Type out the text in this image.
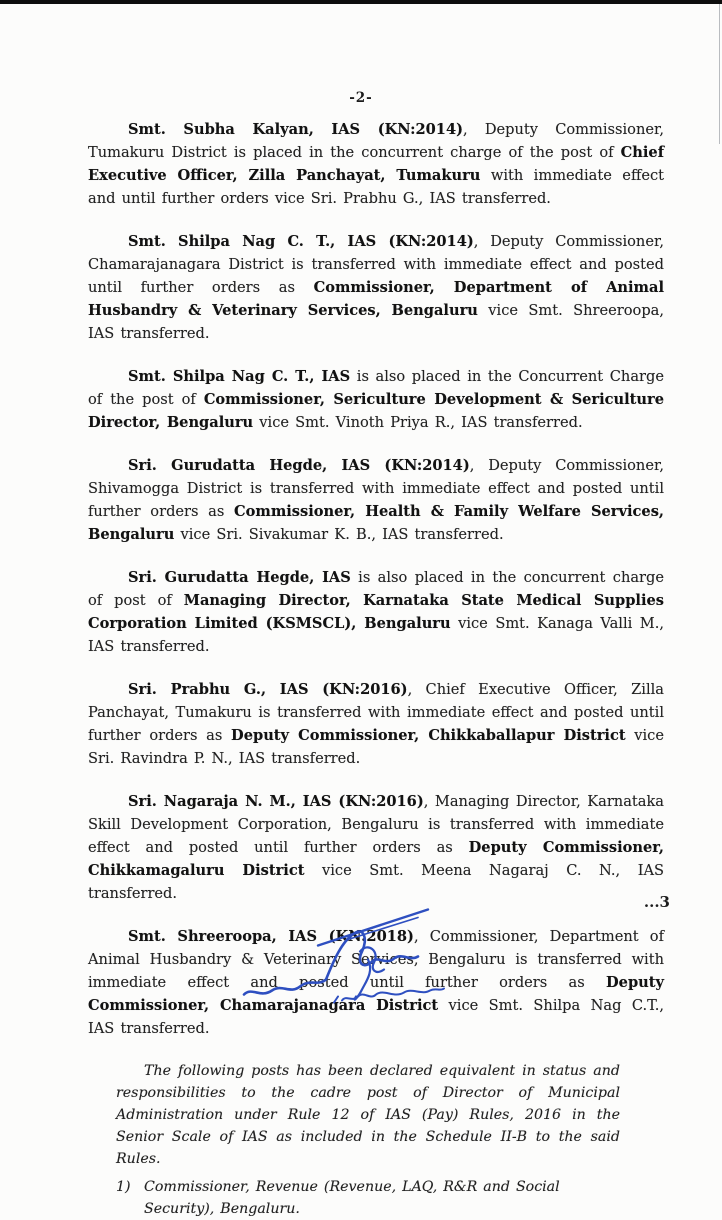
-2-

Smt. Subha Kalyan, IAS (KN:2014), Deputy Commissioner, Tumakuru District is placed in the concurrent charge of the post of Chief Executive Officer, Zilla Panchayat, Tumakuru with immediate effect and until further orders vice Sri. Prabhu G., IAS transferred.

Smt. Shilpa Nag C. T., IAS (KN:2014), Deputy Commissioner, Chamarajanagara District is transferred with immediate effect and posted until further orders as Commissioner, Department of Animal Husbandry & Veterinary Services, Bengaluru vice Smt. Shreeroopa, IAS transferred.

Smt. Shilpa Nag C. T., IAS is also placed in the Concurrent Charge of the post of Commissioner, Sericulture Development & Sericulture Director, Bengaluru vice Smt. Vinoth Priya R., IAS transferred.

Sri. Gurudatta Hegde, IAS (KN:2014), Deputy Commissioner, Shivamogga District is transferred with immediate effect and posted until further orders as Commissioner, Health & Family Welfare Services, Bengaluru vice Sri. Sivakumar K. B., IAS transferred.

Sri. Gurudatta Hegde, IAS is also placed in the concurrent charge of post of Managing Director, Karnataka State Medical Supplies Corporation Limited (KSMSCL), Bengaluru vice Smt. Kanaga Valli M., IAS transferred.

Sri. Prabhu G., IAS (KN:2016), Chief Executive Officer, Zilla Panchayat, Tumakuru is transferred with immediate effect and posted until further orders as Deputy Commissioner, Chikkaballapur District vice Sri. Ravindra P. N., IAS transferred.

Sri. Nagaraja N. M., IAS (KN:2016), Managing Director, Karnataka Skill Development Corporation, Bengaluru is transferred with immediate effect and posted until further orders as Deputy Commissioner, Chikkamagaluru District vice Smt. Meena Nagaraj C. N., IAS transferred.

Smt. Shreeroopa, IAS (KN:2018), Commissioner, Department of Animal Husbandry & Veterinary Services, Bengaluru is transferred with immediate effect and posted until further orders as Deputy Commissioner, Chamarajanagara District vice Smt. Shilpa Nag C.T., IAS transferred.

The following posts has been declared equivalent in status and responsibilities to the cadre post of Director of Municipal Administration under Rule 12 of IAS (Pay) Rules, 2016 in the Senior Scale of IAS as included in the Schedule II-B to the said Rules.

1) Commissioner, Revenue (Revenue, LAQ, R&R and Social Security), Bengaluru.
...3
